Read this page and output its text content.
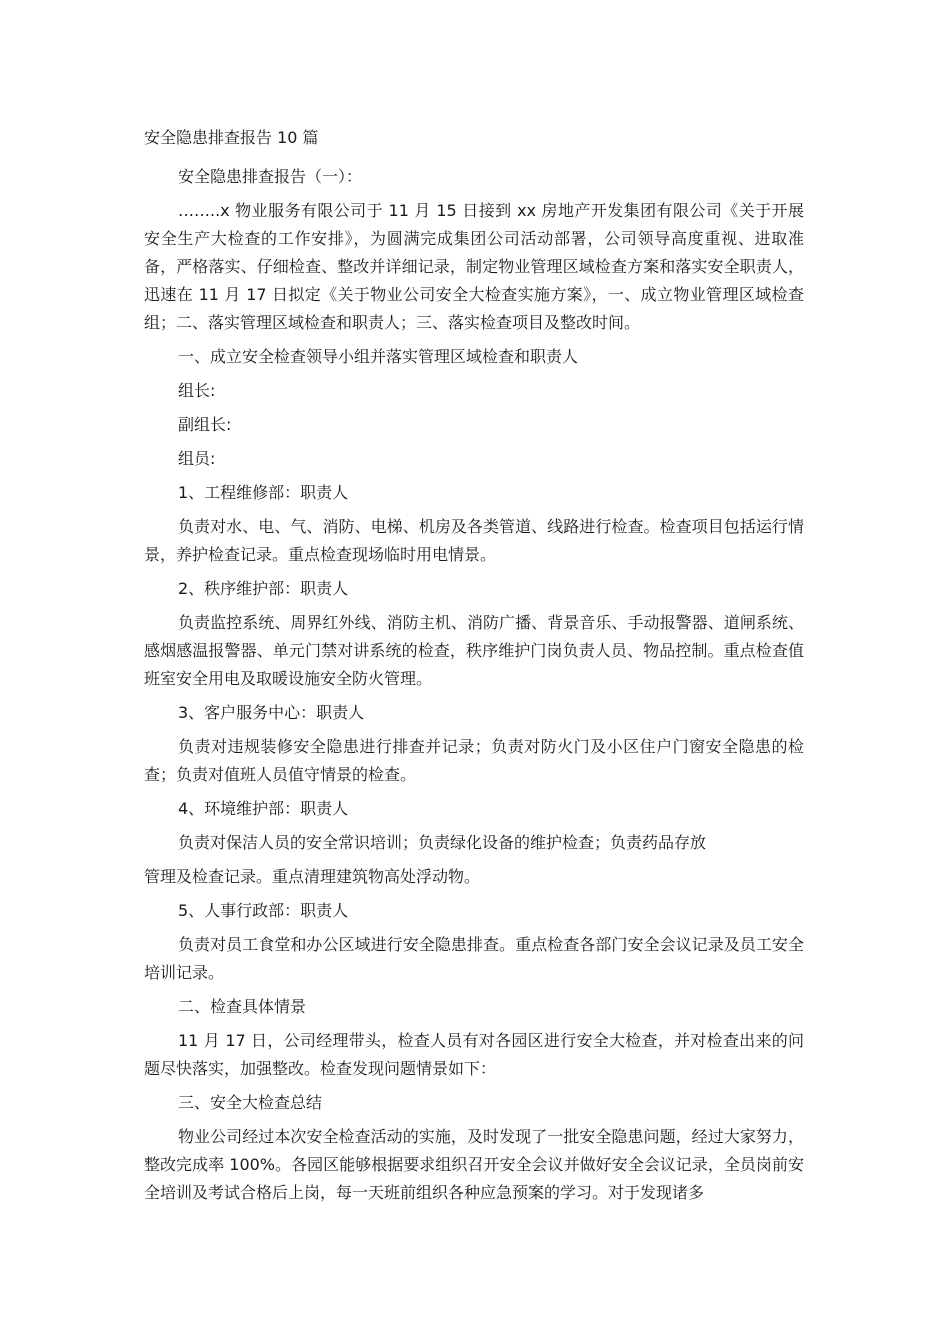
安全隐患排查报告 10 篇

安全隐患排查报告（一）：

……..x 物业服务有限公司于 11 月 15 日接到 xx 房地产开发集团有限公司《关于开展安全生产大检查的工作安排》，为圆满完成集团公司活动部署，公司领导高度重视、进取准备，严格落实、仔细检查、整改并详细记录，制定物业管理区域检查方案和落实安全职责人，迅速在 11 月 17 日拟定《关于物业公司安全大检查实施方案》，一、成立物业管理区域检查组；二、落实管理区域检查和职责人；三、落实检查项目及整改时间。

一、成立安全检查领导小组并落实管理区域检查和职责人

组长:

副组长:

组员:

1、工程维修部：职责人

负责对水、电、气、消防、电梯、机房及各类管道、线路进行检查。检查项目包括运行情景，养护检查记录。重点检查现场临时用电情景。

2、秩序维护部：职责人

负责监控系统、周界红外线、消防主机、消防广播、背景音乐、手动报警器、道闸系统、感烟感温报警器、单元门禁对讲系统的检查，秩序维护门岗负责人员、物品控制。重点检查值班室安全用电及取暖设施安全防火管理。

3、客户服务中心：职责人

负责对违规装修安全隐患进行排查并记录；负责对防火门及小区住户门窗安全隐患的检查；负责对值班人员值守情景的检查。

4、环境维护部：职责人

负责对保洁人员的安全常识培训；负责绿化设备的维护检查；负责药品存放

管理及检查记录。重点清理建筑物高处浮动物。

5、人事行政部：职责人

负责对员工食堂和办公区域进行安全隐患排查。重点检查各部门安全会议记录及员工安全培训记录。

二、检查具体情景

11 月 17 日，公司经理带头，检查人员有对各园区进行安全大检查，并对检查出来的问题尽快落实，加强整改。检查发现问题情景如下：

三、安全大检查总结

物业公司经过本次安全检查活动的实施，及时发现了一批安全隐患问题，经过大家努力，整改完成率 100%。各园区能够根据要求组织召开安全会议并做好安全会议记录，全员岗前安全培训及考试合格后上岗，每一天班前组织各种应急预案的学习。对于发现诸多
